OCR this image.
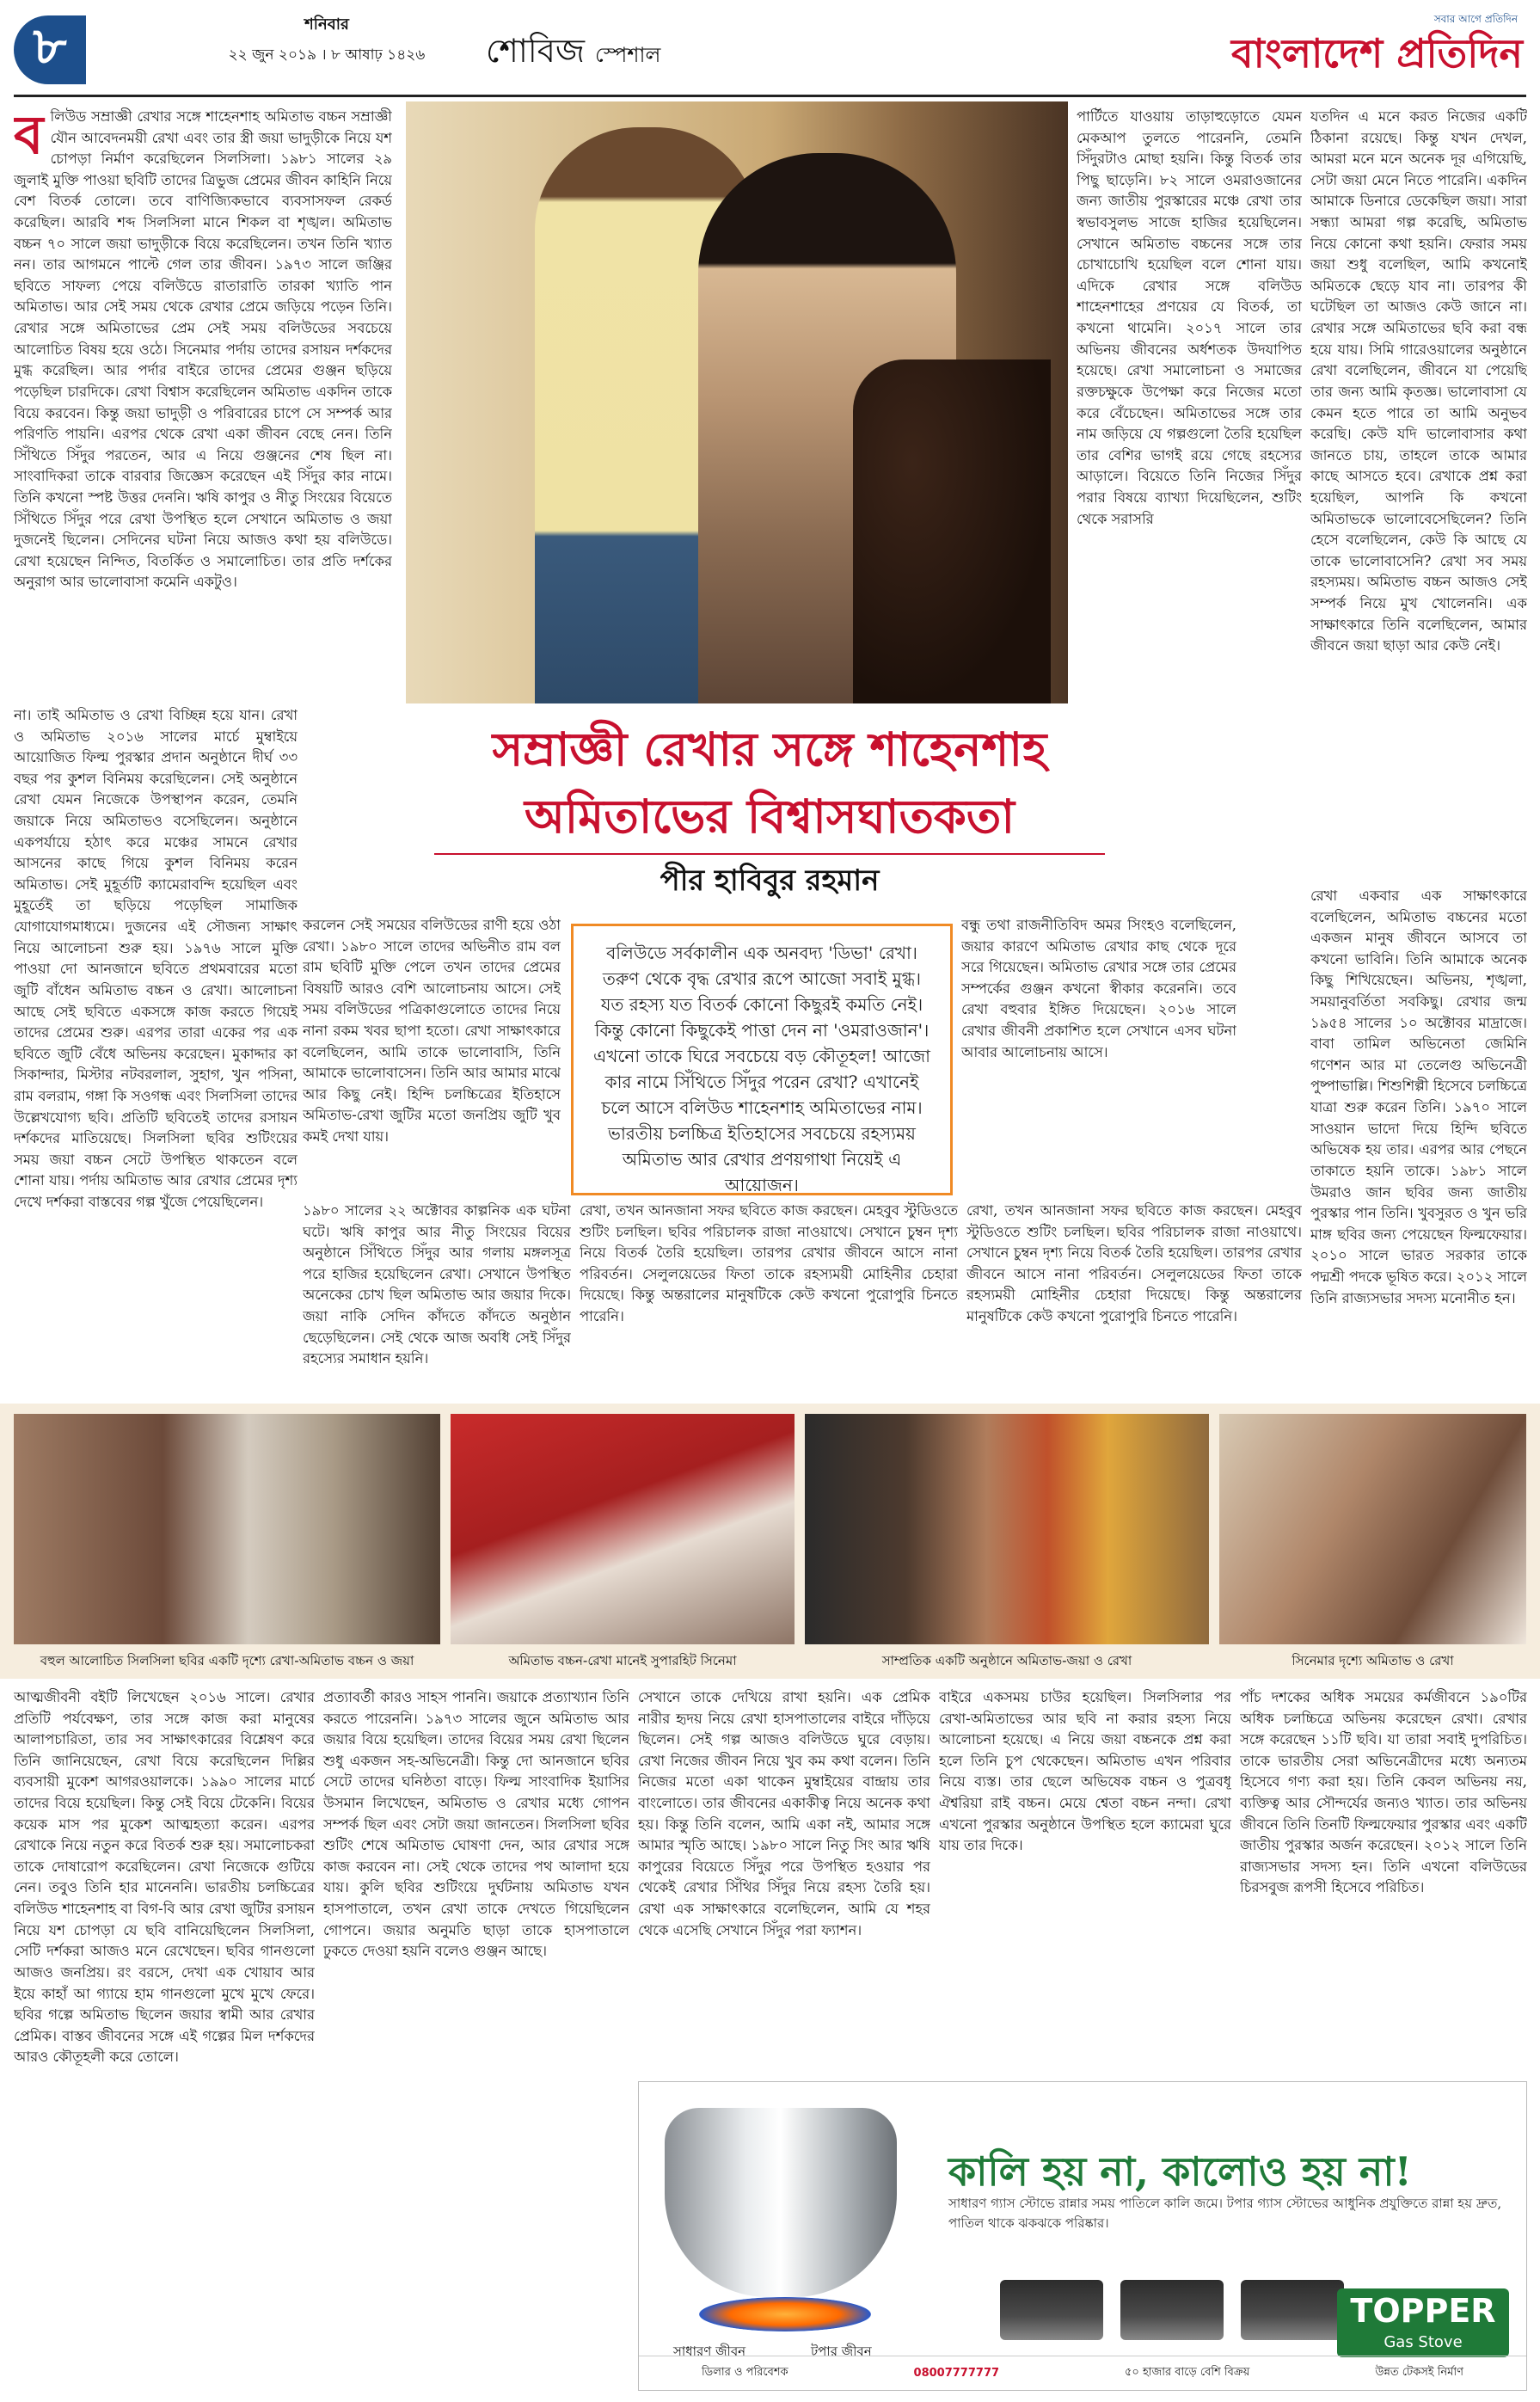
৮	শনিবার
২২ জুন ২০১৯ । ৮ আষাঢ় ১৪২৬	শোবিজ স্পেশাল
সবার আগে প্রতিদিন
বাংলাদেশ প্রতিদিন
বলিউড সম্রাজ্ঞী রেখার সঙ্গে শাহেনশাহ অমিতাভ বচ্চন সম্রাজ্ঞী যৌন আবেদনময়ী রেখা এবং তার স্ত্রী জয়া ভাদুড়ীকে নিয়ে যশ চোপড়া নির্মাণ করেছিলেন সিলসিলা। ১৯৮১ সালের ২৯ জুলাই মুক্তি পাওয়া ছবিটি তাদের ত্রিভুজ প্রেমের জীবন কাহিনি নিয়ে বেশ বিতর্ক তোলে। তবে বাণিজ্যিকভাবে ব্যবসাসফল রেকর্ড করেছিল। আরবি শব্দ সিলসিলা মানে শিকল বা শৃঙ্খল। অমিতাভ বচ্চন ৭০ সালে জয়া ভাদুড়ীকে বিয়ে করেছিলেন। তখন তিনি খ্যাত নন। তার আগমনে পাল্টে গেল তার জীবন। ১৯৭৩ সালে জঞ্জির ছবিতে সাফল্য পেয়ে বলিউডে রাতারাতি তারকা খ্যাতি পান অমিতাভ। আর সেই সময় থেকে রেখার প্রেমে জড়িয়ে পড়েন তিনি। রেখার সঙ্গে অমিতাভের প্রেম সেই সময় বলিউডের সবচেয়ে আলোচিত বিষয় হয়ে ওঠে। সিনেমার পর্দায় তাদের রসায়ন দর্শকদের মুগ্ধ করেছিল। আর পর্দার বাইরে তাদের প্রেমের গুঞ্জন ছড়িয়ে পড়েছিল চারদিকে। রেখা বিশ্বাস করেছিলেন অমিতাভ একদিন তাকে বিয়ে করবেন। কিন্তু জয়া ভাদুড়ী ও পরিবারের চাপে সে সম্পর্ক আর পরিণতি পায়নি। এরপর থেকে রেখা একা জীবন বেছে নেন। তিনি সিঁথিতে সিঁদুর পরতেন, আর এ নিয়ে গুঞ্জনের শেষ ছিল না। সাংবাদিকরা তাকে বারবার জিজ্ঞেস করেছেন এই সিঁদুর কার নামে। তিনি কখনো স্পষ্ট উত্তর দেননি। ঋষি কাপুর ও নীতু সিংয়ের বিয়েতে সিঁথিতে সিঁদুর পরে রেখা উপস্থিত হলে সেখানে অমিতাভ ও জয়া দুজনেই ছিলেন। সেদিনের ঘটনা নিয়ে আজও কথা হয় বলিউডে। রেখা হয়েছেন নিন্দিত, বিতর্কিত ও সমালোচিত। তার প্রতি দর্শকের অনুরাগ আর ভালোবাসা কমেনি একটুও।
পার্টিতে যাওয়ায় তাড়াহুড়োতে যেমন মেকআপ তুলতে পারেননি, তেমনি সিঁদুরটাও মোছা হয়নি। কিন্তু বিতর্ক তার পিছু ছাড়েনি। ৮২ সালে ওমরাওজানের জন্য জাতীয় পুরস্কারের মঞ্চে রেখা তার স্বভাবসুলভ সাজে হাজির হয়েছিলেন। সেখানে অমিতাভ বচ্চনের সঙ্গে তার চোখাচোখি হয়েছিল বলে শোনা যায়। এদিকে রেখার সঙ্গে বলিউড শাহেনশাহের প্রণয়ের যে বিতর্ক, তা কখনো থামেনি। ২০১৭ সালে তার অভিনয় জীবনের অর্ধশতক উদযাপিত হয়েছে। রেখা সমালোচনা ও সমাজের রক্তচক্ষুকে উপেক্ষা করে নিজের মতো করে বেঁচেছেন। অমিতাভের সঙ্গে তার নাম জড়িয়ে যে গল্পগুলো তৈরি হয়েছিল তার বেশির ভাগই রয়ে গেছে রহস্যের আড়ালে। বিয়েতে তিনি নিজের সিঁদুর পরার বিষয়ে ব্যাখ্যা দিয়েছিলেন, শুটিং থেকে সরাসরি
সম্রাজ্ঞী রেখার সঙ্গে শাহেনশাহ
অমিতাভের বিশ্বাসঘাতকতা
পীর হাবিবুর রহমান
যতদিন এ মনে করত নিজের একটি ঠিকানা রয়েছে। কিন্তু যখন দেখল, আমরা মনে মনে অনেক দূর এগিয়েছি, সেটা জয়া মেনে নিতে পারেনি। একদিন আমাকে ডিনারে ডেকেছিল জয়া। সারা সন্ধ্যা আমরা গল্প করেছি, অমিতাভ নিয়ে কোনো কথা হয়নি। ফেরার সময় জয়া শুধু বলেছিল, আমি কখনোই অমিতকে ছেড়ে যাব না। তারপর কী ঘটেছিল তা আজও কেউ জানে না। রেখার সঙ্গে অমিতাভের ছবি করা বন্ধ হয়ে যায়। সিমি গারেওয়ালের অনুষ্ঠানে রেখা বলেছিলেন, জীবনে যা পেয়েছি তার জন্য আমি কৃতজ্ঞ। ভালোবাসা যে কেমন হতে পারে তা আমি অনুভব করেছি। কেউ যদি ভালোবাসার কথা জানতে চায়, তাহলে তাকে আমার কাছে আসতে হবে। রেখাকে প্রশ্ন করা হয়েছিল, আপনি কি কখনো অমিতাভকে ভালোবেসেছিলেন? তিনি হেসে বলেছিলেন, কেউ কি আছে যে তাকে ভালোবাসেনি? রেখা সব সময় রহস্যময়। অমিতাভ বচ্চন আজও সেই সম্পর্ক নিয়ে মুখ খোলেননি। এক সাক্ষাৎকারে তিনি বলেছিলেন, আমার জীবনে জয়া ছাড়া আর কেউ নেই।
না। তাই অমিতাভ ও রেখা বিচ্ছিন্ন হয়ে যান। রেখা ও অমিতাভ ২০১৬ সালের মার্চে মুম্বাইয়ে আয়োজিত ফিল্ম পুরস্কার প্রদান অনুষ্ঠানে দীর্ঘ ৩৩ বছর পর কুশল বিনিময় করেছিলেন। সেই অনুষ্ঠানে রেখা যেমন নিজেকে উপস্থাপন করেন, তেমনি জয়াকে নিয়ে অমিতাভও বসেছিলেন। অনুষ্ঠানে একপর্যায়ে হঠাৎ করে মঞ্চের সামনে রেখার আসনের কাছে গিয়ে কুশল বিনিময় করেন অমিতাভ। সেই মুহূর্তটি ক্যামেরাবন্দি হয়েছিল এবং মুহূর্তেই তা ছড়িয়ে পড়েছিল সামাজিক যোগাযোগমাধ্যমে। দুজনের এই সৌজন্য সাক্ষাৎ নিয়ে আলোচনা শুরু হয়। ১৯৭৬ সালে মুক্তি পাওয়া দো আনজানে ছবিতে প্রথমবারের মতো জুটি বাঁধেন অমিতাভ বচ্চন ও রেখা। আলোচনা আছে সেই ছবিতে একসঙ্গে কাজ করতে গিয়েই তাদের প্রেমের শুরু। এরপর তারা একের পর এক ছবিতে জুটি বেঁধে অভিনয় করেছেন। মুকাদ্দার কা সিকান্দার, মিস্টার নটবরলাল, সুহাগ, খুন পসিনা, রাম বলরাম, গঙ্গা কি সওগন্ধ এবং সিলসিলা তাদের উল্লেখযোগ্য ছবি। প্রতিটি ছবিতেই তাদের রসায়ন দর্শকদের মাতিয়েছে। সিলসিলা ছবির শুটিংয়ের সময় জয়া বচ্চন সেটে উপস্থিত থাকতেন বলে শোনা যায়। পর্দায় অমিতাভ আর রেখার প্রেমের দৃশ্য দেখে দর্শকরা বাস্তবের গল্প খুঁজে পেয়েছিলেন।
করলেন সেই সময়ের বলিউডের রাণী হয়ে ওঠা রেখা। ১৯৮০ সালে তাদের অভিনীত রাম বল রাম ছবিটি মুক্তি পেলে তখন তাদের প্রেমের বিষয়টি আরও বেশি আলোচনায় আসে। সেই সময় বলিউডের পত্রিকাগুলোতে তাদের নিয়ে নানা রকম খবর ছাপা হতো। রেখা সাক্ষাৎকারে বলেছিলেন, আমি তাকে ভালোবাসি, তিনি আমাকে ভালোবাসেন। তিনি আর আমার মাঝে আর কিছু নেই। হিন্দি চলচ্চিত্রের ইতিহাসে অমিতাভ-রেখা জুটির মতো জনপ্রিয় জুটি খুব কমই দেখা যায়।
বলিউডে সর্বকালীন এক অনবদ্য 'ডিভা' রেখা। তরুণ থেকে বৃদ্ধ রেখার রূপে আজো সবাই মুগ্ধ। যত রহস্য যত বিতর্ক কোনো কিছুরই কমতি নেই। কিন্তু কোনো কিছুকেই পাত্তা দেন না 'ওমরাওজান'। এখনো তাকে ঘিরে সবচেয়ে বড় কৌতূহল! আজো কার নামে সিঁথিতে সিঁদুর পরেন রেখা? এখানেই চলে আসে বলিউড শাহেনশাহ অমিতাভের নাম। ভারতীয় চলচ্চিত্র ইতিহাসের সবচেয়ে রহস্যময় অমিতাভ আর রেখার প্রণয়গাথা নিয়েই এ আয়োজন।
বন্ধু তথা রাজনীতিবিদ অমর সিংহও বলেছিলেন, জয়ার কারণে অমিতাভ রেখার কাছ থেকে দূরে সরে গিয়েছেন। অমিতাভ রেখার সঙ্গে তার প্রেমের সম্পর্কের গুঞ্জন কখনো স্বীকার করেননি। তবে রেখা বহুবার ইঙ্গিত দিয়েছেন। ২০১৬ সালে রেখার জীবনী প্রকাশিত হলে সেখানে এসব ঘটনা আবার আলোচনায় আসে।
১৯৮০ সালের ২২ অক্টোবর কাল্পনিক এক ঘটনা ঘটে। ঋষি কাপুর আর নীতু সিংয়ের বিয়ের অনুষ্ঠানে সিঁথিতে সিঁদুর আর গলায় মঙ্গলসূত্র পরে হাজির হয়েছিলেন রেখা। সেখানে উপস্থিত অনেকের চোখ ছিল অমিতাভ আর জয়ার দিকে। জয়া নাকি সেদিন কাঁদতে কাঁদতে অনুষ্ঠান ছেড়েছিলেন। সেই থেকে আজ অবধি সেই সিঁদুর রহস্যের সমাধান হয়নি।
রেখা, তখন আনজানা সফর ছবিতে কাজ করছেন। মেহবুব স্টুডিওতে শুটিং চলছিল। ছবির পরিচালক রাজা নাওয়াথে। সেখানে চুম্বন দৃশ্য নিয়ে বিতর্ক তৈরি হয়েছিল। তারপর রেখার জীবনে আসে নানা পরিবর্তন। সেলুলয়েডের ফিতা তাকে রহস্যময়ী মোহিনীর চেহারা দিয়েছে। কিন্তু অন্তরালের মানুষটিকে কেউ কখনো পুরোপুরি চিনতে পারেনি।
রেখা, তখন আনজানা সফর ছবিতে কাজ করছেন। মেহবুব স্টুডিওতে শুটিং চলছিল। ছবির পরিচালক রাজা নাওয়াথে। সেখানে চুম্বন দৃশ্য নিয়ে বিতর্ক তৈরি হয়েছিল। তারপর রেখার জীবনে আসে নানা পরিবর্তন। সেলুলয়েডের ফিতা তাকে রহস্যময়ী মোহিনীর চেহারা দিয়েছে। কিন্তু অন্তরালের মানুষটিকে কেউ কখনো পুরোপুরি চিনতে পারেনি।
রেখা একবার এক সাক্ষাৎকারে বলেছিলেন, অমিতাভ বচ্চনের মতো একজন মানুষ জীবনে আসবে তা কখনো ভাবিনি। তিনি আমাকে অনেক কিছু শিখিয়েছেন। অভিনয়, শৃঙ্খলা, সময়ানুবর্তিতা সবকিছু। রেখার জন্ম ১৯৫৪ সালের ১০ অক্টোবর মাদ্রাজে। বাবা তামিল অভিনেতা জেমিনি গণেশন আর মা তেলেগু অভিনেত্রী পুষ্পাভাল্লি। শিশুশিল্পী হিসেবে চলচ্চিত্রে যাত্রা শুরু করেন তিনি। ১৯৭০ সালে সাওয়ান ভাদো দিয়ে হিন্দি ছবিতে অভিষেক হয় তার। এরপর আর পেছনে তাকাতে হয়নি তাকে। ১৯৮১ সালে উমরাও জান ছবির জন্য জাতীয় পুরস্কার পান তিনি। খুবসুরত ও খুন ভরি মাঙ্গ ছবির জন্য পেয়েছেন ফিল্মফেয়ার। ২০১০ সালে ভারত সরকার তাকে পদ্মশ্রী পদকে ভূষিত করে। ২০১২ সালে তিনি রাজ্যসভার সদস্য মনোনীত হন।
বহুল আলোচিত সিলসিলা ছবির একটি দৃশ্যে রেখা-অমিতাভ বচ্চন ও জয়া	অমিতাভ বচ্চন-রেখা মানেই সুপারহিট সিনেমা	সাম্প্রতিক একটি অনুষ্ঠানে অমিতাভ-জয়া ও রেখা	সিনেমার দৃশ্যে অমিতাভ ও রেখা
আত্মজীবনী বইটি লিখেছেন ২০১৬ সালে। রেখার প্রতিটি পর্যবেক্ষণ, তার সঙ্গে কাজ করা মানুষের আলাপচারিতা, তার সব সাক্ষাৎকারের বিশ্লেষণ করে তিনি জানিয়েছেন, রেখা বিয়ে করেছিলেন দিল্লির ব্যবসায়ী মুকেশ আগরওয়ালকে। ১৯৯০ সালের মার্চে তাদের বিয়ে হয়েছিল। কিন্তু সেই বিয়ে টেকেনি। বিয়ের কয়েক মাস পর মুকেশ আত্মহত্যা করেন। এরপর রেখাকে নিয়ে নতুন করে বিতর্ক শুরু হয়। সমালোচকরা তাকে দোষারোপ করেছিলেন। রেখা নিজেকে গুটিয়ে নেন। তবুও তিনি হার মানেননি। ভারতীয় চলচ্চিত্রের বলিউড শাহেনশাহ বা বিগ-বি আর রেখা জুটির রসায়ন নিয়ে যশ চোপড়া যে ছবি বানিয়েছিলেন সিলসিলা, সেটি দর্শকরা আজও মনে রেখেছেন। ছবির গানগুলো আজও জনপ্রিয়। রং বরসে, দেখা এক খোয়াব আর ইয়ে কাহাঁ আ গ্যায়ে হাম গানগুলো মুখে মুখে ফেরে। ছবির গল্পে অমিতাভ ছিলেন জয়ার স্বামী আর রেখার প্রেমিক। বাস্তব জীবনের সঙ্গে এই গল্পের মিল দর্শকদের আরও কৌতূহলী করে তোলে।
প্রত্যাবর্তী কারও সাহস পাননি। জয়াকে প্রত্যাখ্যান তিনি করতে পারেননি। ১৯৭৩ সালের জুনে অমিতাভ আর জয়ার বিয়ে হয়েছিল। তাদের বিয়ের সময় রেখা ছিলেন শুধু একজন সহ-অভিনেত্রী। কিন্তু দো আনজানে ছবির সেটে তাদের ঘনিষ্ঠতা বাড়ে। ফিল্ম সাংবাদিক ইয়াসির উসমান লিখেছেন, অমিতাভ ও রেখার মধ্যে গোপন সম্পর্ক ছিল এবং সেটা জয়া জানতেন। সিলসিলা ছবির শুটিং শেষে অমিতাভ ঘোষণা দেন, আর রেখার সঙ্গে কাজ করবেন না। সেই থেকে তাদের পথ আলাদা হয়ে যায়। কুলি ছবির শুটিংয়ে দুর্ঘটনায় অমিতাভ যখন হাসপাতালে, তখন রেখা তাকে দেখতে গিয়েছিলেন গোপনে। জয়ার অনুমতি ছাড়া তাকে হাসপাতালে ঢুকতে দেওয়া হয়নি বলেও গুঞ্জন আছে।
সেখানে তাকে দেখিয়ে রাখা হয়নি। এক প্রেমিক নারীর হৃদয় নিয়ে রেখা হাসপাতালের বাইরে দাঁড়িয়ে ছিলেন। সেই গল্প আজও বলিউডে ঘুরে বেড়ায়। রেখা নিজের জীবন নিয়ে খুব কম কথা বলেন। তিনি নিজের মতো একা থাকেন মুম্বাইয়ের বান্দ্রায় তার বাংলোতে। তার জীবনের একাকীত্ব নিয়ে অনেক কথা হয়। কিন্তু তিনি বলেন, আমি একা নই, আমার সঙ্গে আমার স্মৃতি আছে। ১৯৮০ সালে নিতু সিং আর ঋষি কাপুরের বিয়েতে সিঁদুর পরে উপস্থিত হওয়ার পর থেকেই রেখার সিঁথির সিঁদুর নিয়ে রহস্য তৈরি হয়। রেখা এক সাক্ষাৎকারে বলেছিলেন, আমি যে শহর থেকে এসেছি সেখানে সিঁদুর পরা ফ্যাশন।
বাইরে একসময় চাউর হয়েছিল। সিলসিলার পর রেখা-অমিতাভের আর ছবি না করার রহস্য নিয়ে আলোচনা হয়েছে। এ নিয়ে জয়া বচ্চনকে প্রশ্ন করা হলে তিনি চুপ থেকেছেন। অমিতাভ এখন পরিবার নিয়ে ব্যস্ত। তার ছেলে অভিষেক বচ্চন ও পুত্রবধূ ঐশ্বরিয়া রাই বচ্চন। মেয়ে শ্বেতা বচ্চন নন্দা। রেখা এখনো পুরস্কার অনুষ্ঠানে উপস্থিত হলে ক্যামেরা ঘুরে যায় তার দিকে।
পাঁচ দশকের অধিক সময়ের কর্মজীবনে ১৯০টির অধিক চলচ্চিত্রে অভিনয় করেছেন রেখা। রেখার সঙ্গে করেছেন ১১টি ছবি। যা তারা সবাই দুপরিচিত। তাকে ভারতীয় সেরা অভিনেত্রীদের মধ্যে অন্যতম হিসেবে গণ্য করা হয়। তিনি কেবল অভিনয় নয়, ব্যক্তিত্ব আর সৌন্দর্যের জন্যও খ্যাত। তার অভিনয় জীবনে তিনি তিনটি ফিল্মফেয়ার পুরস্কার এবং একটি জাতীয় পুরস্কার অর্জন করেছেন। ২০১২ সালে তিনি রাজ্যসভার সদস্য হন। তিনি এখনো বলিউডের চিরসবুজ রূপসী হিসেবে পরিচিত।
সাধারণ জীবন	টপার জীবন
কালি হয় না, কালোও হয় না!
সাধারণ গ্যাস স্টোভে রান্নার সময় পাতিলে কালি জমে। টপার গ্যাস স্টোভের আধুনিক প্রযুক্তিতে রান্না হয় দ্রুত, পাতিল থাকে ঝকঝকে পরিষ্কার।
TOPPER
Gas Stove
ডিলার ও পরিবেশক	08007777777	৫০ হাজার বাড়ে বেশি বিক্রয়	উন্নত টেকসই নির্মাণ
